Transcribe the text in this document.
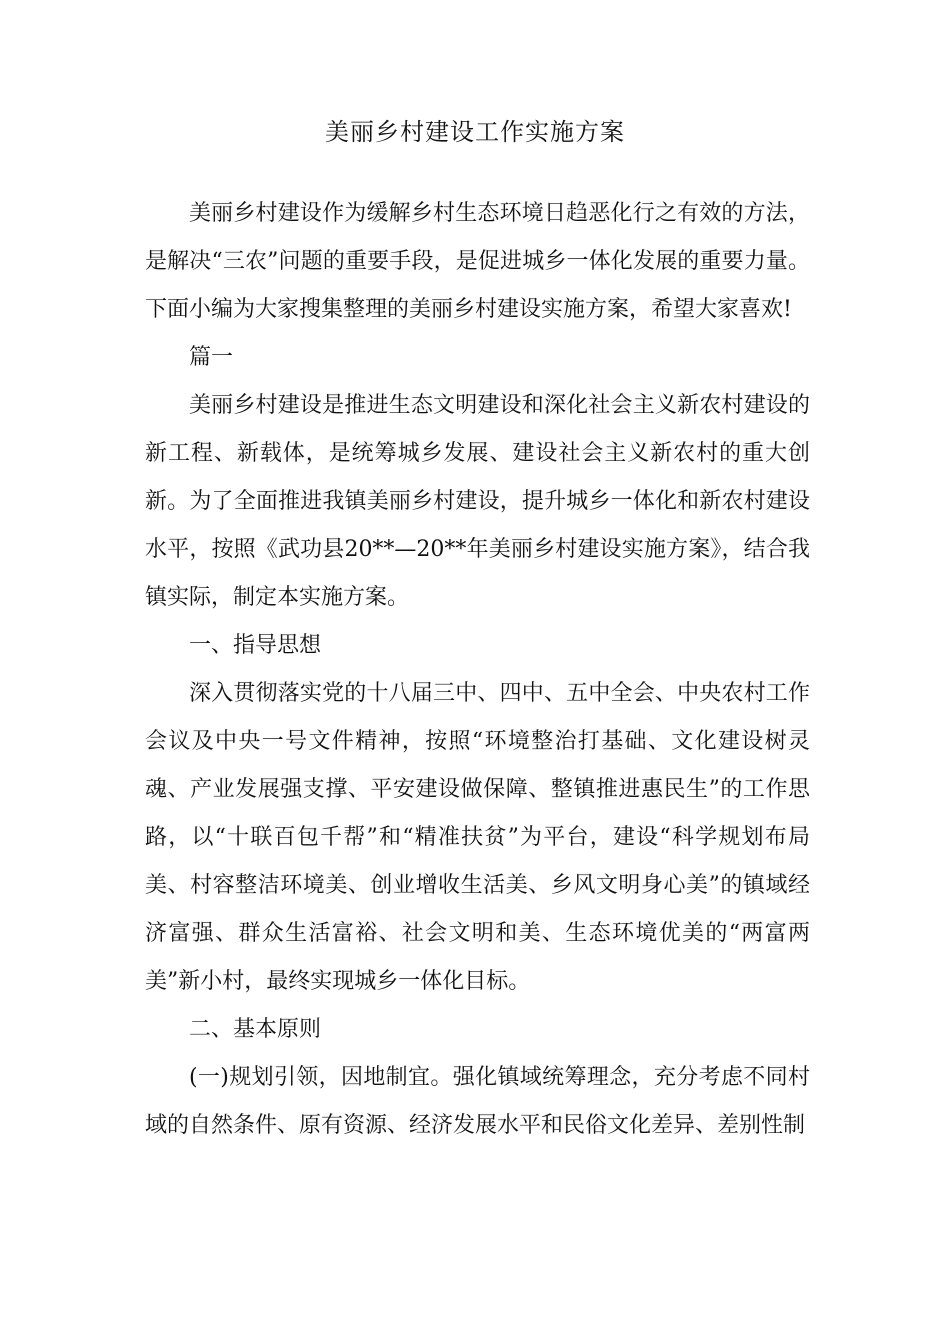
美丽乡村建设工作实施方案

美丽乡村建设作为缓解乡村生态环境日趋恶化行之有效的方法，是解决“三农”问题的重要手段，是促进城乡一体化发展的重要力量。下面小编为大家搜集整理的美丽乡村建设实施方案，希望大家喜欢!

篇一

美丽乡村建设是推进生态文明建设和深化社会主义新农村建设的新工程、新载体，是统筹城乡发展、建设社会主义新农村的重大创新。为了全面推进我镇美丽乡村建设，提升城乡一体化和新农村建设水平，按照《武功县20**—20**年美丽乡村建设实施方案》，结合我镇实际，制定本实施方案。

一、指导思想

深入贯彻落实党的十八届三中、四中、五中全会、中央农村工作会议及中央一号文件精神，按照“环境整治打基础、文化建设树灵魂、产业发展强支撑、平安建设做保障、整镇推进惠民生”的工作思路，以“十联百包千帮”和“精准扶贫”为平台，建设“科学规划布局美、村容整洁环境美、创业增收生活美、乡风文明身心美”的镇域经济富强、群众生活富裕、社会文明和美、生态环境优美的“两富两美”新小村，最终实现城乡一体化目标。

二、基本原则

(一)规划引领，因地制宜。强化镇域统筹理念，充分考虑不同村域的自然条件、原有资源、经济发展水平和民俗文化差异、差别性制
